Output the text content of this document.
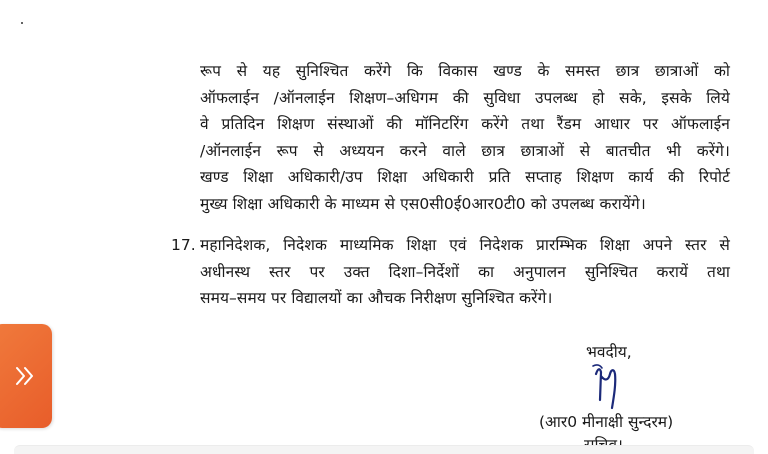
रूप से यह सुनिश्चित करेंगे कि विकास खण्ड के समस्त छात्र छात्राओं को
ऑफलाईन /ऑनलाईन शिक्षण–अधिगम की सुविधा उपलब्ध हो सके, इसके लिये
वे प्रतिदिन शिक्षण संस्थाओं की मॉनिटरिंग करेंगे तथा रैंडम आधार पर ऑफलाईन
/ऑनलाईन रूप से अध्ययन करने वाले छात्र छात्राओं से बातचीत भी करेंगे।
खण्ड शिक्षा अधिकारी/उप शिक्षा अधिकारी प्रति सप्ताह शिक्षण कार्य की रिपोर्ट
मुख्य शिक्षा अधिकारी के माध्यम से एस0सी0ई0आर0टी0 को उपलब्ध करायेंगे।
17. महानिदेशक, निदेशक माध्यमिक शिक्षा एवं निदेशक प्रारम्भिक शिक्षा अपने स्तर से
अधीनस्थ स्तर पर उक्त दिशा–निर्देशों का अनुपालन सुनिश्चित करायें तथा
समय–समय पर विद्यालयों का औचक निरीक्षण सुनिश्चित करेंगे।
भवदीय,
(आर0 मीनाक्षी सुन्दरम)
